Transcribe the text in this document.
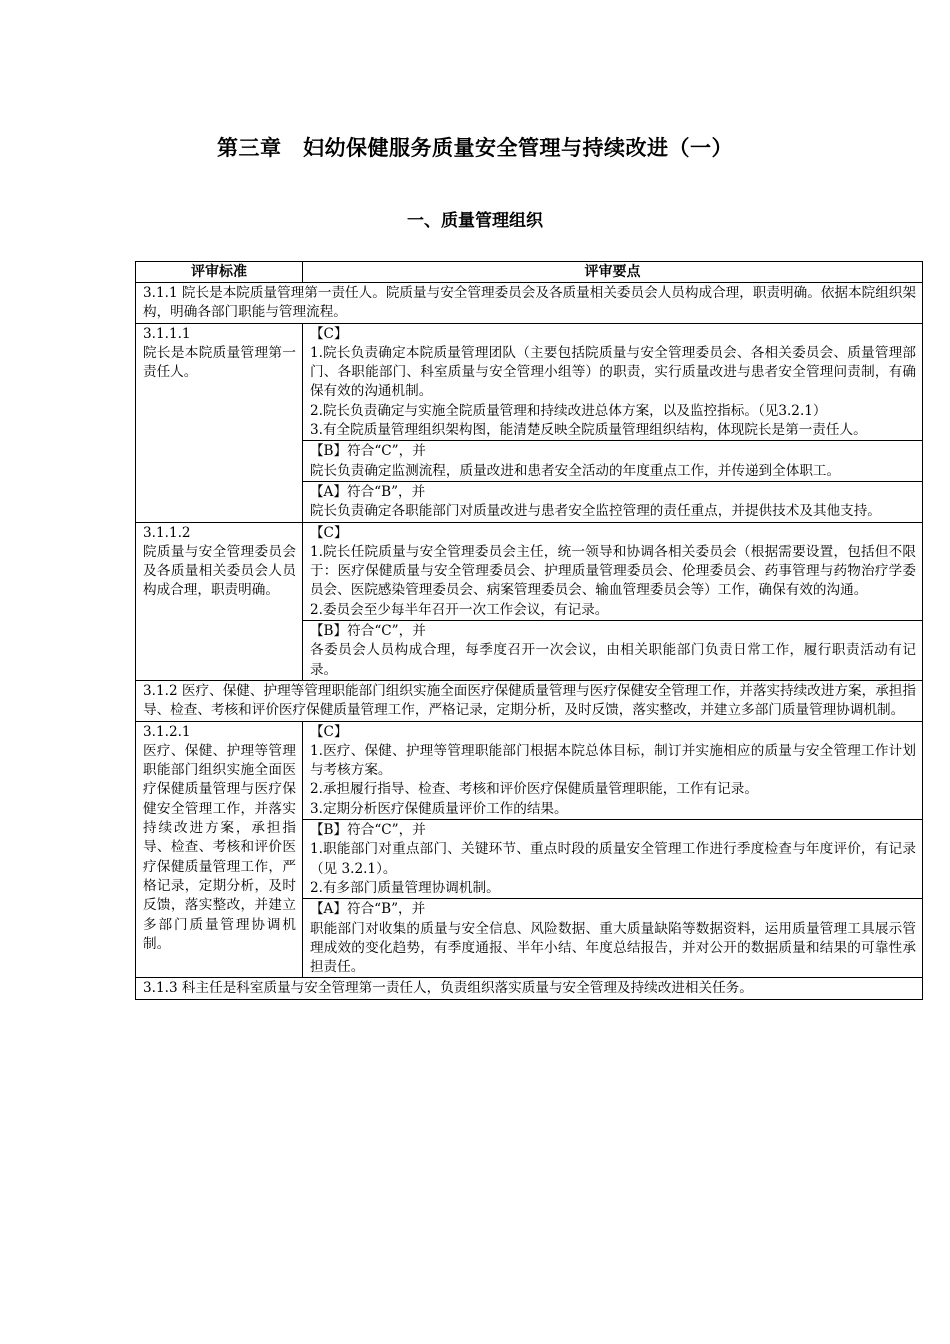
第三章　妇幼保健服务质量安全管理与持续改进（一）
一、质量管理组织
评审标准	评审要点
3.1.1 院长是本院质量管理第一责任人。院质量与安全管理委员会及各质量相关委员会人员构成合理，职责明确。依据本院组织架构，明确各部门职能与管理流程。	

3.1.1.1
院长是本院质量管理第一责任人。	【C】
1.院长负责确定本院质量管理团队（主要包括院质量与安全管理委员会、各相关委员会、质量管理部门、各职能部门、科室质量与安全管理小组等）的职责，实行质量改进与患者安全管理问责制，有确保有效的沟通机制。
2.院长负责确定与实施全院质量管理和持续改进总体方案，以及监控指标。（见3.2.1）
3.有全院质量管理组织架构图，能清楚反映全院质量管理组织结构，体现院长是第一责任人。

	【B】符合“C”，并
院长负责确定监测流程，质量改进和患者安全活动的年度重点工作，并传递到全体职工。

	【A】符合“B”，并
院长负责确定各职能部门对质量改进与患者安全监控管理的责任重点，并提供技术及其他支持。

3.1.1.2
院质量与安全管理委员会及各质量相关委员会人员构成合理，职责明确。	【C】
1.院长任院质量与安全管理委员会主任，统一领导和协调各相关委员会（根据需要设置，包括但不限于：医疗保健质量与安全管理委员会、护理质量管理委员会、伦理委员会、药事管理与药物治疗学委员会、医院感染管理委员会、病案管理委员会、输血管理委员会等）工作，确保有效的沟通。
2.委员会至少每半年召开一次工作会议，有记录。

	【B】符合“C”，并
各委员会人员构成合理，每季度召开一次会议，由相关职能部门负责日常工作，履行职责活动有记录。

3.1.2 医疗、保健、护理等管理职能部门组织实施全面医疗保健质量管理与医疗保健安全管理工作，并落实持续改进方案，承担指导、检查、考核和评价医疗保健质量管理工作，严格记录，定期分析，及时反馈，落实整改，并建立多部门质量管理协调机制。	

3.1.2.1
医疗、保健、护理等管理职能部门组织实施全面医疗保健质量管理与医疗保健安全管理工作，并落实持续改进方案，承担指导、检查、考核和评价医疗保健质量管理工作，严格记录，定期分析，及时反馈，落实整改，并建立多部门质量管理协调机制。	【C】
1.医疗、保健、护理等管理职能部门根据本院总体目标，制订并实施相应的质量与安全管理工作计划与考核方案。
2.承担履行指导、检查、考核和评价医疗保健质量管理职能，工作有记录。
3.定期分析医疗保健质量评价工作的结果。

	【B】符合“C”，并
1.职能部门对重点部门、关键环节、重点时段的质量安全管理工作进行季度检查与年度评价，有记录（见 3.2.1）。
2.有多部门质量管理协调机制。

	【A】符合“B”，并
职能部门对收集的质量与安全信息、风险数据、重大质量缺陷等数据资料，运用质量管理工具展示管理成效的变化趋势，有季度通报、半年小结、年度总结报告，并对公开的数据质量和结果的可靠性承担责任。

3.1.3 科主任是科室质量与安全管理第一责任人，负责组织落实质量与安全管理及持续改进相关任务。	
